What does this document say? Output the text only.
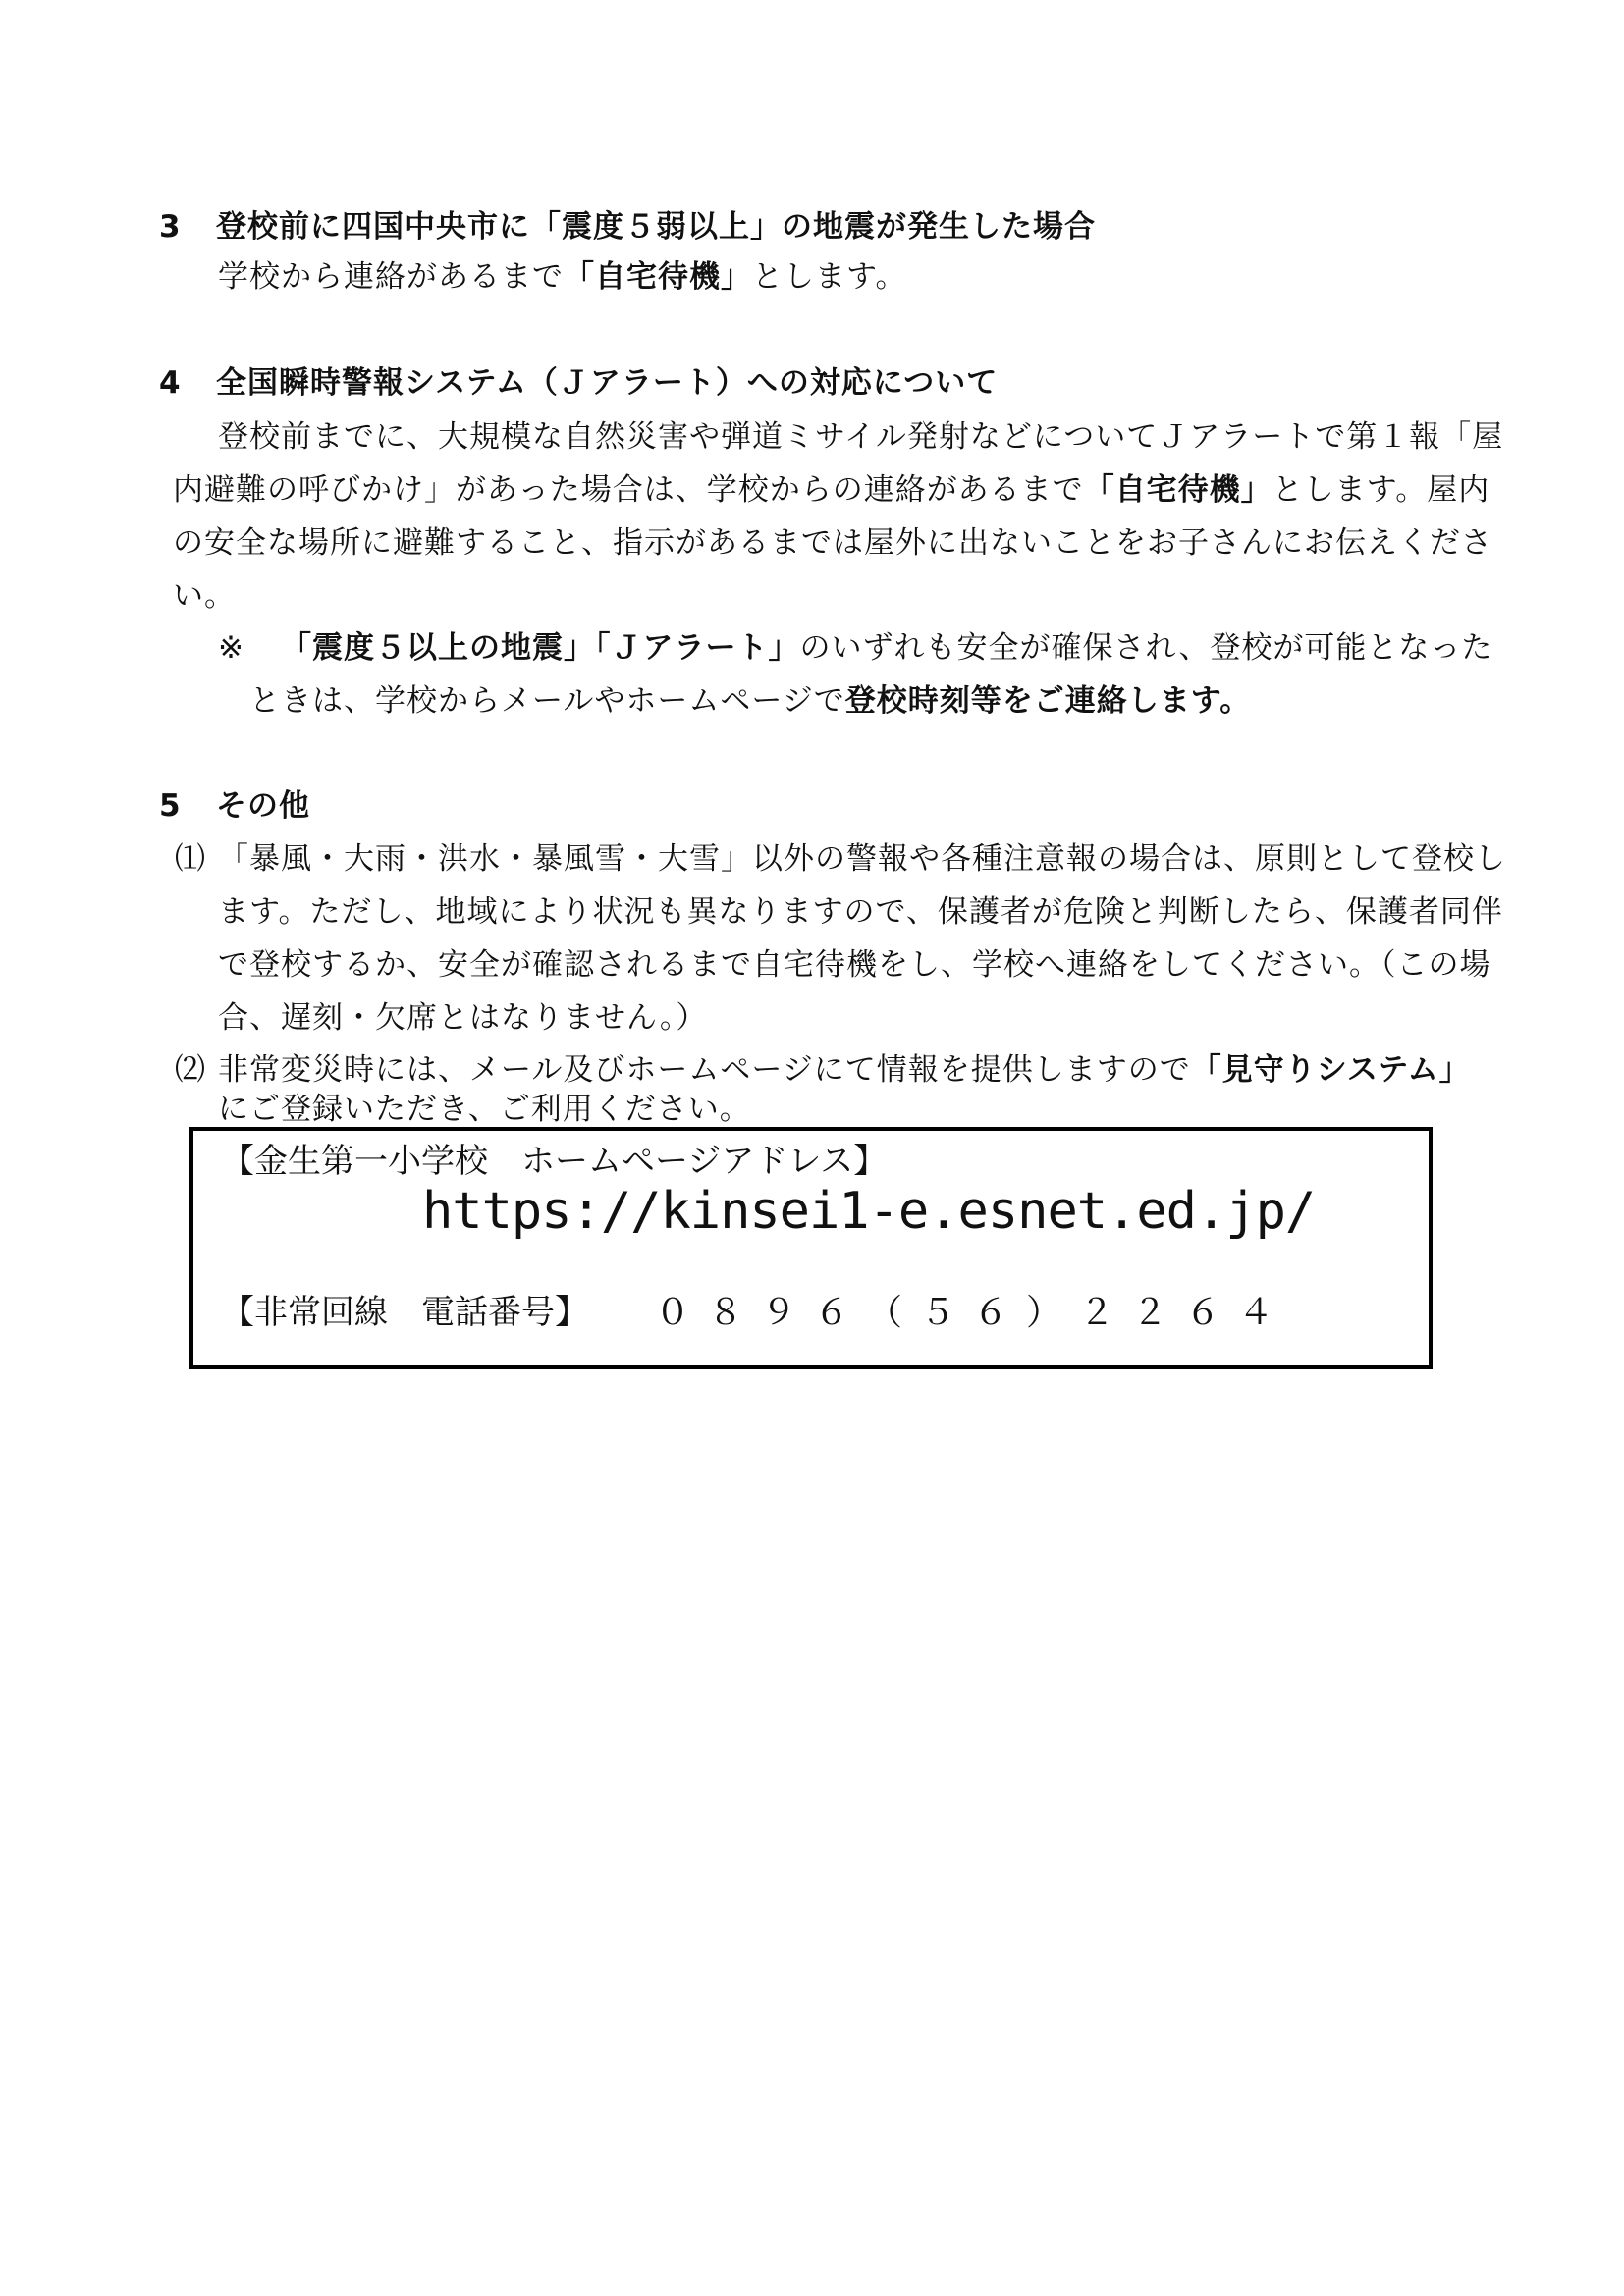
3 登校前に四国中央市に「震度５弱以上」の地震が発生した場合
学校から連絡があるまで「自宅待機」とします。
4 全国瞬時警報システム（Ｊアラート）への対応について
登校前までに、大規模な自然災害や弾道ミサイル発射などについてＪアラートで第１報「屋
内避難の呼びかけ」があった場合は、学校からの連絡があるまで「自宅待機」とします。屋内
の安全な場所に避難すること、指示があるまでは屋外に出ないことをお子さんにお伝えくださ
い。
※ 「震度５以上の地震」「Ｊアラート」のいずれも安全が確保され、登校が可能となった
ときは、学校からメールやホームページで登校時刻等をご連絡します。
5 その他
⑴ 「暴風・大雨・洪水・暴風雪・大雪」以外の警報や各種注意報の場合は、原則として登校し
ます。ただし、地域により状況も異なりますので、保護者が危険と判断したら、保護者同伴
で登校するか、安全が確認されるまで自宅待機をし、学校へ連絡をしてください。（この場
合、遅刻・欠席とはなりません。）
⑵ 非常変災時には、メール及びホームページにて情報を提供しますので「見守りシステム」
にご登録いただき、ご利用ください。
【金生第一小学校　ホームページアドレス】
https://kinsei1-e.esnet.ed.jp/
【非常回線　電話番号】 ０８９６（５６）２２６４
